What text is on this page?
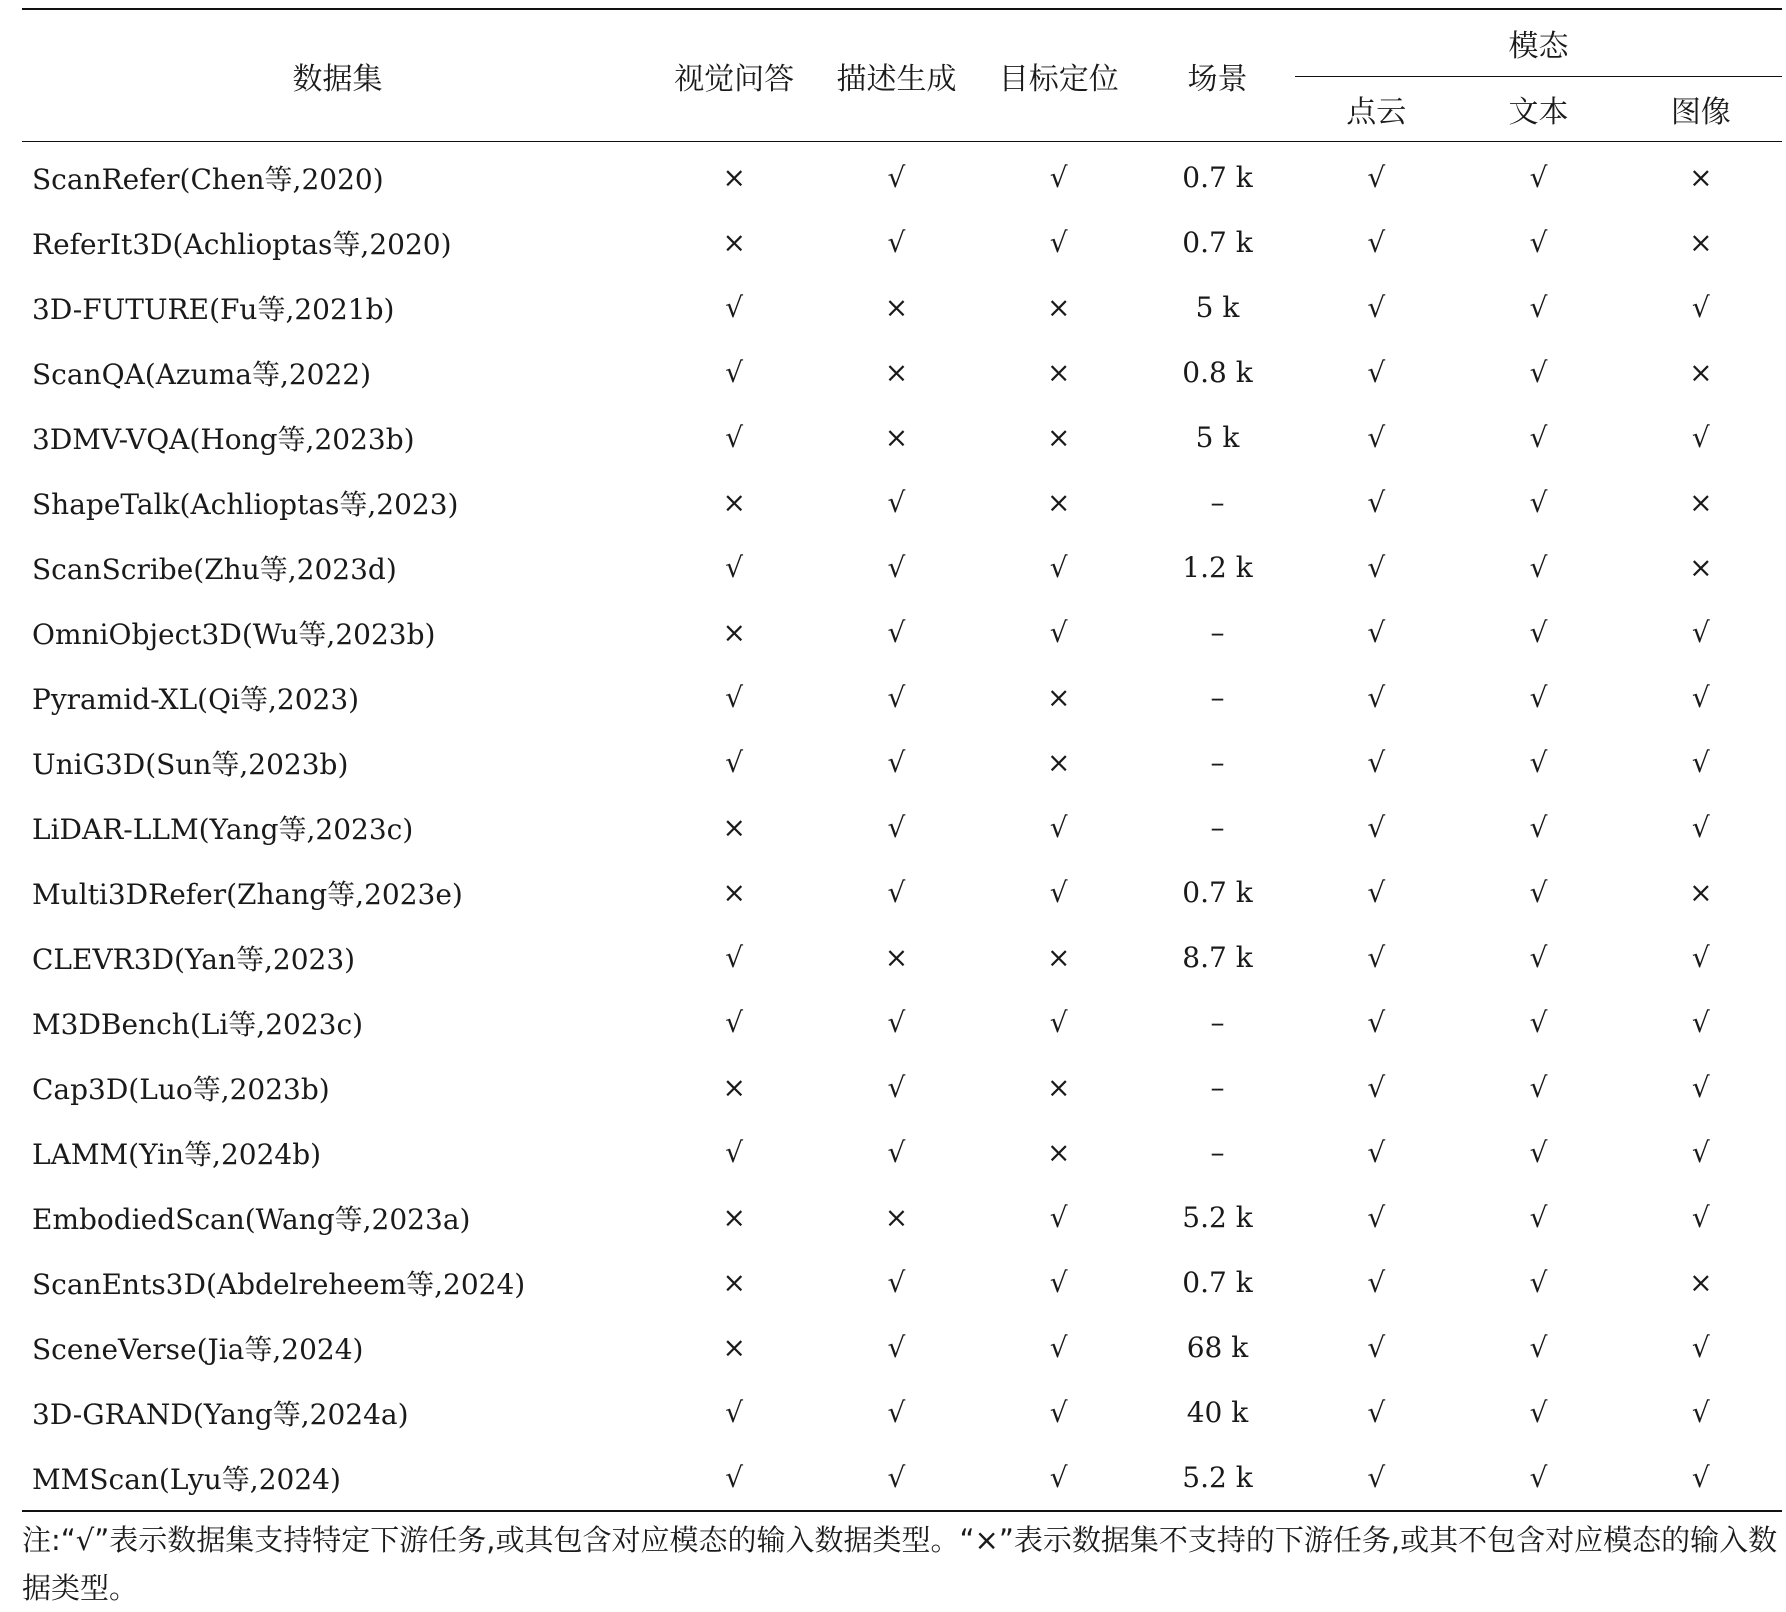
数据集	视觉问答	描述生成	目标定位	场景	模态		
					点云	文本	图像
ScanRefer(Chen等,2020)	×	√	√	0.7 k	√	√	×
ReferIt3D(Achlioptas等,2020)	×	√	√	0.7 k	√	√	×
3D-FUTURE(Fu等,2021b)	√	×	×	5 k	√	√	√
ScanQA(Azuma等,2022)	√	×	×	0.8 k	√	√	×
3DMV-VQA(Hong等,2023b)	√	×	×	5 k	√	√	√
ShapeTalk(Achlioptas等,2023)	×	√	×	–	√	√	×
ScanScribe(Zhu等,2023d)	√	√	√	1.2 k	√	√	×
OmniObject3D(Wu等,2023b)	×	√	√	–	√	√	√
Pyramid-XL(Qi等,2023)	√	√	×	–	√	√	√
UniG3D(Sun等,2023b)	√	√	×	–	√	√	√
LiDAR-LLM(Yang等,2023c)	×	√	√	–	√	√	√
Multi3DRefer(Zhang等,2023e)	×	√	√	0.7 k	√	√	×
CLEVR3D(Yan等,2023)	√	×	×	8.7 k	√	√	√
M3DBench(Li等,2023c)	√	√	√	–	√	√	√
Cap3D(Luo等,2023b)	×	√	×	–	√	√	√
LAMM(Yin等,2024b)	√	√	×	–	√	√	√
EmbodiedScan(Wang等,2023a)	×	×	√	5.2 k	√	√	√
ScanEnts3D(Abdelreheem等,2024)	×	√	√	0.7 k	√	√	×
SceneVerse(Jia等,2024)	×	√	√	68 k	√	√	√
3D-GRAND(Yang等,2024a)	√	√	√	40 k	√	√	√
MMScan(Lyu等,2024)	√	√	√	5.2 k	√	√	√
注:“√”表示数据集支持特定下游任务,或其包含对应模态的输入数据类型。“×”表示数据集不支持的下游任务,或其不包含对应模态的输入数据类型。
